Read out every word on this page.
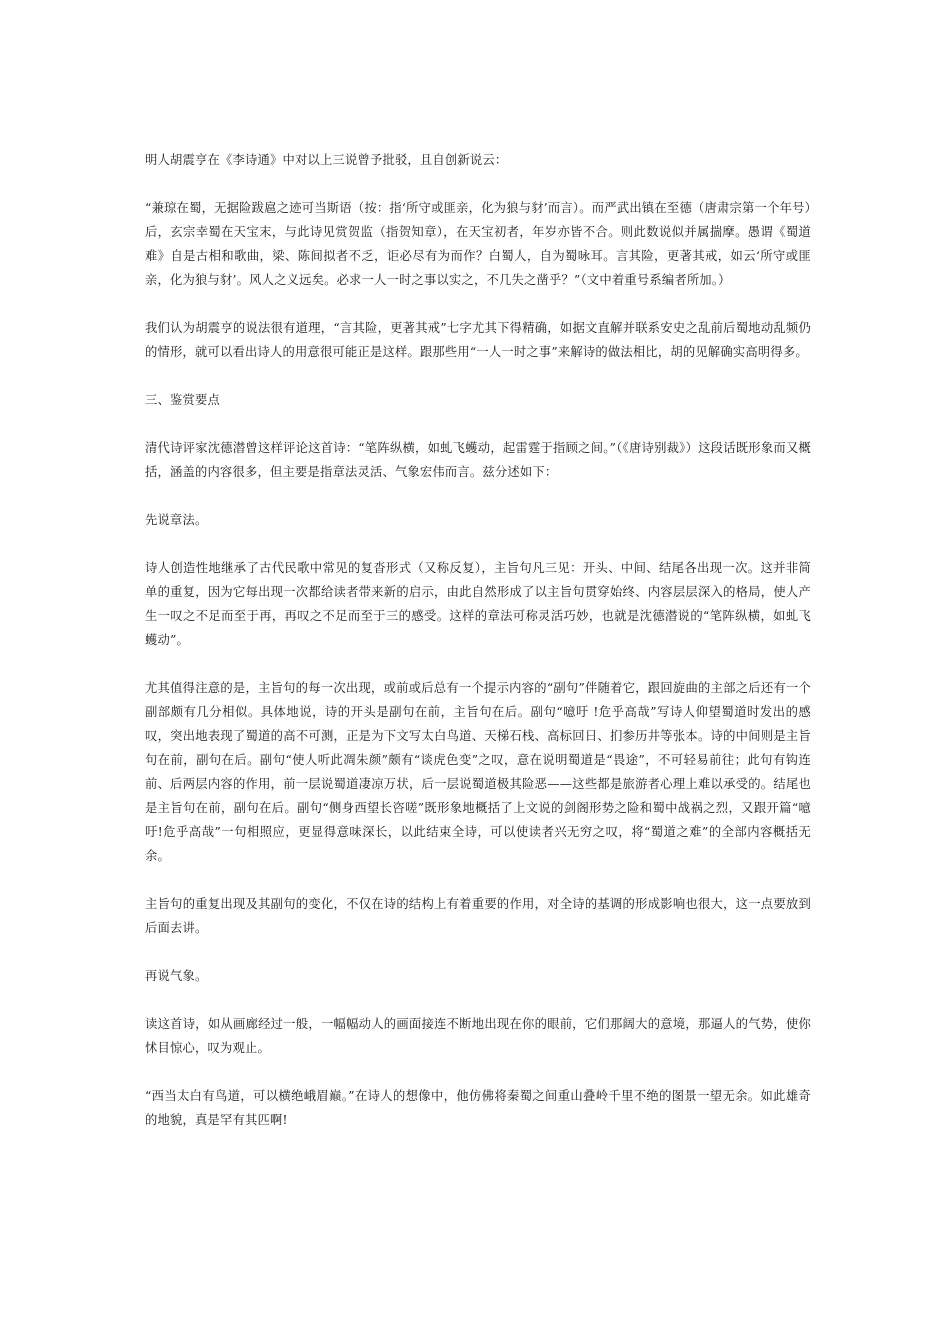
明人胡震亨在《李诗通》中对以上三说曾予批驳，且自创新说云：

“兼琼在蜀，无据险跋扈之迹可当斯语（按：指‘所守或匪亲，化为狼与豺’而言）。而严武出镇在至德（唐肃宗第一个年号）后，玄宗幸蜀在天宝末，与此诗见赏贺监（指贺知章），在天宝初者，年岁亦皆不合。则此数说似并属揣摩。愚谓《蜀道难》自是古相和歌曲，梁、陈间拟者不乏，讵必尽有为而作？白蜀人，自为蜀咏耳。言其险，更著其戒，如云‘所守或匪亲，化为狼与豺’。风人之义远矣。必求一人一时之事以实之，不几失之凿乎？”（文中着重号系编者所加。）

我们认为胡震亨的说法很有道理，“言其险，更著其戒”七字尤其下得精确，如据文直解并联系安史之乱前后蜀地动乱频仍的情形，就可以看出诗人的用意很可能正是这样。跟那些用“一人一时之事”来解诗的做法相比，胡的见解确实高明得多。

三、鉴赏要点

清代诗评家沈德潜曾这样评论这首诗：“笔阵纵横，如虬飞蠖动，起雷霆于指顾之间。”（《唐诗别裁》）这段话既形象而又概括，涵盖的内容很多，但主要是指章法灵活、气象宏伟而言。兹分述如下：

先说章法。

诗人创造性地继承了古代民歌中常见的复沓形式（又称反复），主旨句凡三见：开头、中间、结尾各出现一次。这并非简单的重复，因为它每出现一次都给读者带来新的启示，由此自然形成了以主旨句贯穿始终、内容层层深入的格局，使人产生一叹之不足而至于再，再叹之不足而至于三的感受。这样的章法可称灵活巧妙，也就是沈德潜说的“笔阵纵横，如虬飞蠖动”。

尤其值得注意的是，主旨句的每一次出现，或前或后总有一个提示内容的“副句”伴随着它，跟回旋曲的主部之后还有一个副部颇有几分相似。具体地说，诗的开头是副句在前，主旨句在后。副句“噫吁 !危乎高哉”写诗人仰望蜀道时发出的感叹，突出地表现了蜀道的高不可测，正是为下文写太白鸟道、天梯石栈、高标回日、扪参历井等张本。诗的中间则是主旨句在前，副句在后。副句“使人听此凋朱颜”颇有“谈虎色变”之叹，意在说明蜀道是“畏途”，不可轻易前往；此句有钩连前、后两层内容的作用，前一层说蜀道凄凉万状，后一层说蜀道极其险恶——这些都是旅游者心理上难以承受的。结尾也是主旨句在前，副句在后。副句“侧身西望长咨嗟”既形象地概括了上文说的剑阁形势之险和蜀中战祸之烈，又跟开篇“噫吁!危乎高哉”一句相照应，更显得意味深长，以此结束全诗，可以使读者兴无穷之叹，将“蜀道之难”的全部内容概括无余。

主旨句的重复出现及其副句的变化，不仅在诗的结构上有着重要的作用，对全诗的基调的形成影响也很大，这一点要放到后面去讲。

再说气象。

读这首诗，如从画廊经过一般，一幅幅动人的画面接连不断地出现在你的眼前，它们那阔大的意境，那逼人的气势，使你怵目惊心，叹为观止。

“西当太白有鸟道，可以横绝峨眉巅。”在诗人的想像中，他仿佛将秦蜀之间重山叠岭千里不绝的图景一望无余。如此雄奇的地貌，真是罕有其匹啊!
